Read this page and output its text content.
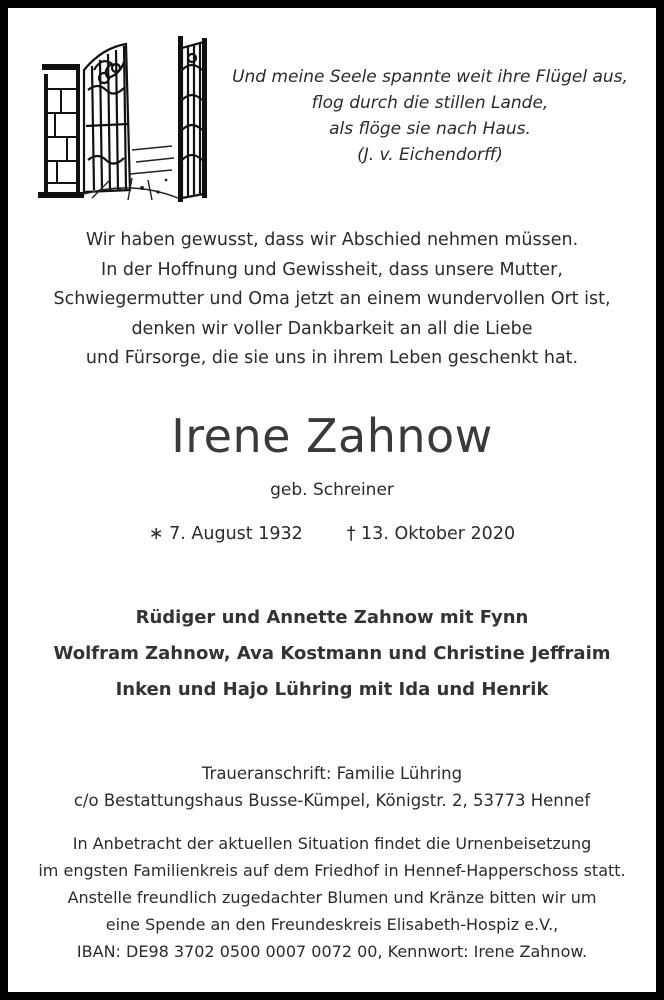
Und meine Seele spannte weit ihre Flügel aus,
flog durch die stillen Lande,
als flöge sie nach Haus.
(J. v. Eichendorff)
Wir haben gewusst, dass wir Abschied nehmen müssen.
In der Hoffnung und Gewissheit, dass unsere Mutter,
Schwiegermutter und Oma jetzt an einem wundervollen Ort ist,
denken wir voller Dankbarkeit an all die Liebe
und Fürsorge, die sie uns in ihrem Leben geschenkt hat.
Irene Zahnow
geb. Schreiner
∗ 7. August 1932	† 13. Oktober 2020
Rüdiger und Annette Zahnow mit Fynn
Wolfram Zahnow, Ava Kostmann und Christine Jeffraim
Inken und Hajo Lühring mit Ida und Henrik
Traueranschrift: Familie Lühring
c/o Bestattungshaus Busse-Kümpel, Königstr. 2, 53773 Hennef
In Anbetracht der aktuellen Situation findet die Urnenbeisetzung
im engsten Familienkreis auf dem Friedhof in Hennef-Happerschoss statt.
Anstelle freundlich zugedachter Blumen und Kränze bitten wir um
eine Spende an den Freundeskreis Elisabeth-Hospiz e.V.,
IBAN: DE98 3702 0500 0007 0072 00, Kennwort: Irene Zahnow.
